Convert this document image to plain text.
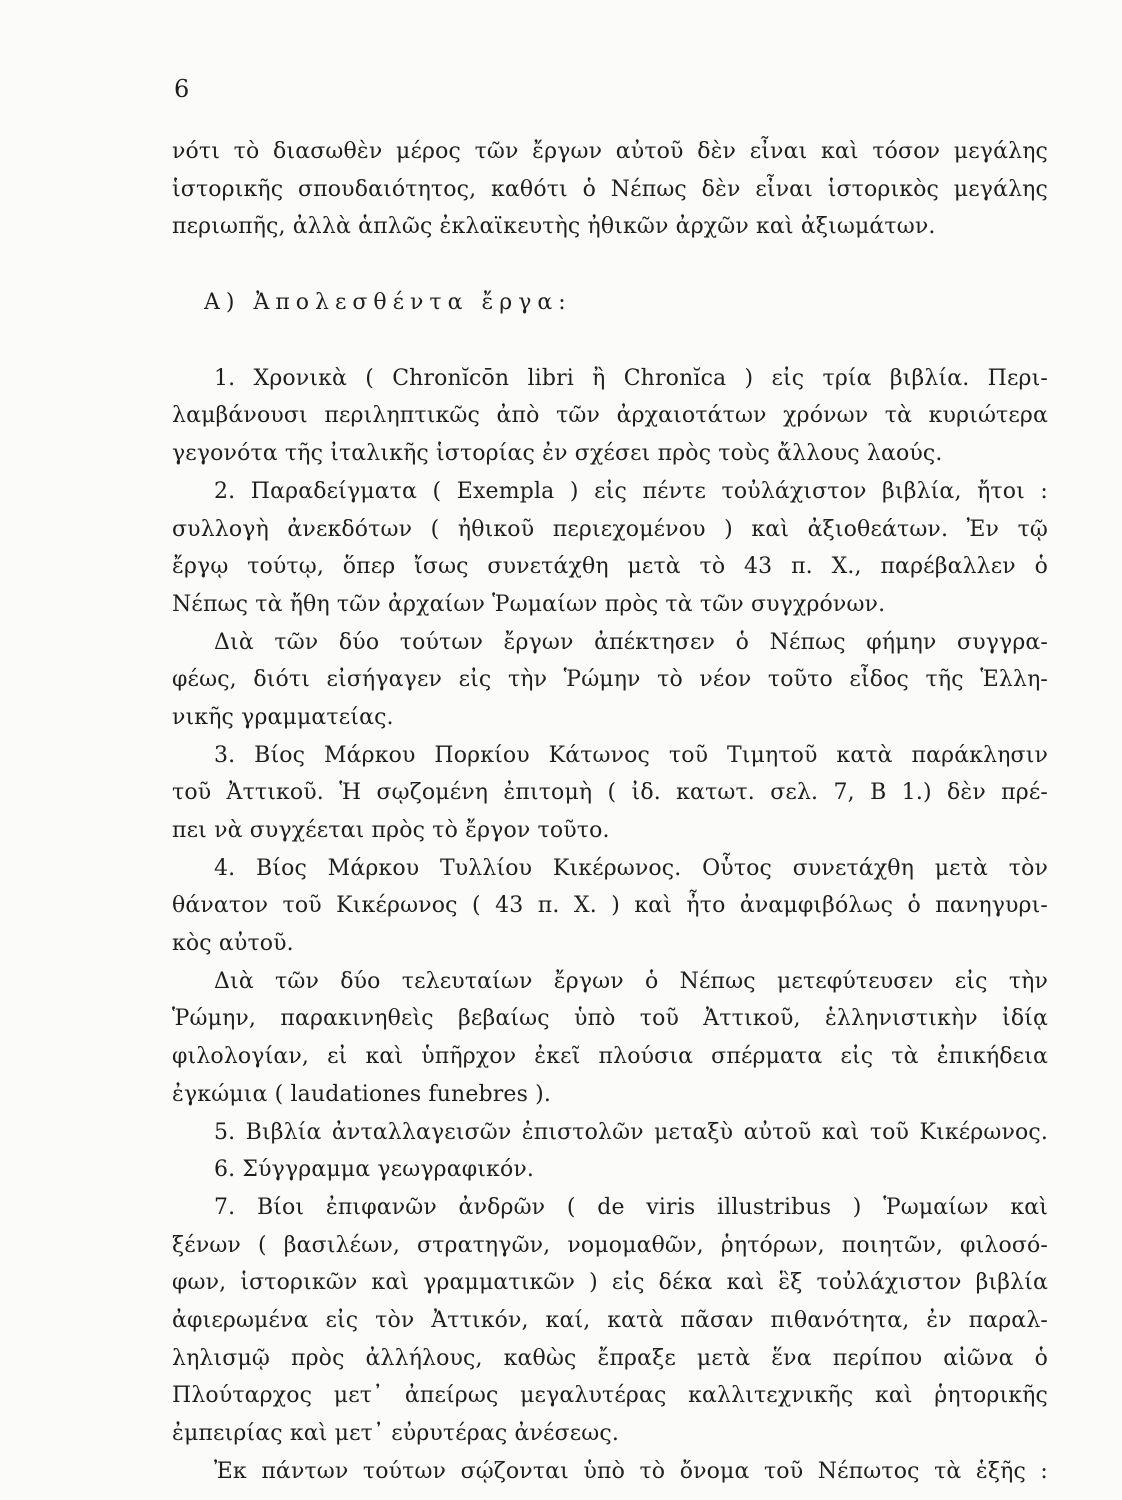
6
νότι τὸ διασωθὲν μέρος τῶν ἔργων αὐτοῦ δὲν εἶναι καὶ τόσον μεγάλης
ἱστορικῆς σπουδαιότητος, καθότι ὁ Νέπως δὲν εἶναι ἱστορικὸς μεγάλης
περιωπῆς, ἀλλὰ ἁπλῶς ἐκλαϊκευτὴς ἠθικῶν ἀρχῶν καὶ ἀξιωμάτων.
Α) Ἀπολεσθέντα ἔργα:
1. Χρονικὰ ( Chronĭcōn libri ἢ Chronĭca ) εἰς τρία βιβλία. Περι-
λαμβάνουσι περιληπτικῶς ἀπὸ τῶν ἀρχαιοτάτων χρόνων τὰ κυριώτερα
γεγονότα τῆς ἰταλικῆς ἱστορίας ἐν σχέσει πρὸς τοὺς ἄλλους λαούς.
2. Παραδείγματα ( Exempla ) εἰς πέντε τοὐλάχιστον βιβλία, ἤτοι :
συλλογὴ ἀνεκδότων ( ἠθικοῦ περιεχομένου ) καὶ ἀξιοθεάτων. Ἐν τῷ
ἔργῳ τούτῳ, ὅπερ ἴσως συνετάχθη μετὰ τὸ 43 π. Χ., παρέβαλλεν ὁ
Νέπως τὰ ἤθη τῶν ἀρχαίων Ῥωμαίων πρὸς τὰ τῶν συγχρόνων.
Διὰ τῶν δύο τούτων ἔργων ἀπέκτησεν ὁ Νέπως φήμην συγγρα-
φέως, διότι εἰσήγαγεν εἰς τὴν Ῥώμην τὸ νέον τοῦτο εἶδος τῆς Ἑλλη-
νικῆς γραμματείας.
3. Βίος Μάρκου Πορκίου Κάτωνος τοῦ Τιμητοῦ κατὰ παράκλησιν
τοῦ Ἀττικοῦ. Ἡ σῳζομένη ἐπιτομὴ ( ἰδ. κατωτ. σελ. 7, Β 1.) δὲν πρέ-
πει νὰ συγχέεται πρὸς τὸ ἔργον τοῦτο.
4. Βίος Μάρκου Τυλλίου Κικέρωνος. Οὗτος συνετάχθη μετὰ τὸν
θάνατον τοῦ Κικέρωνος ( 43 π. Χ. ) καὶ ἦτο ἀναμφιβόλως ὁ πανηγυρι-
κὸς αὐτοῦ.
Διὰ τῶν δύο τελευταίων ἔργων ὁ Νέπως μετεφύτευσεν εἰς τὴν
Ῥώμην, παρακινηθεὶς βεβαίως ὑπὸ τοῦ Ἀττικοῦ, ἑλληνιστικὴν ἰδίᾳ
φιλολογίαν, εἰ καὶ ὑπῆρχον ἐκεῖ πλούσια σπέρματα εἰς τὰ ἐπικήδεια
ἐγκώμια ( laudationes funebres ).
5. Βιβλία ἀνταλλαγεισῶν ἐπιστολῶν μεταξὺ αὐτοῦ καὶ τοῦ Κικέρωνος.
6. Σύγγραμμα γεωγραφικόν.
7. Βίοι ἐπιφανῶν ἀνδρῶν ( de viris illustribus ) Ῥωμαίων καὶ
ξένων ( βασιλέων, στρατηγῶν, νομομαθῶν, ῥητόρων, ποιητῶν, φιλοσό-
φων, ἱστορικῶν καὶ γραμματικῶν ) εἰς δέκα καὶ ἓξ τοὐλάχιστον βιβλία
ἀφιερωμένα εἰς τὸν Ἀττικόν, καί, κατὰ πᾶσαν πιθανότητα, ἐν παραλ-
ληλισμῷ πρὸς ἀλλήλους, καθὼς ἔπραξε μετὰ ἕνα περίπου αἰῶνα ὁ
Πλούταρχος μετ᾽ ἀπείρως μεγαλυτέρας καλλιτεχνικῆς καὶ ῥητορικῆς
ἐμπειρίας καὶ μετ᾽ εὐρυτέρας ἀνέσεως.
Ἐκ πάντων τούτων σῴζονται ὑπὸ τὸ ὄνομα τοῦ Νέπωτος τὰ ἑξῆς :
